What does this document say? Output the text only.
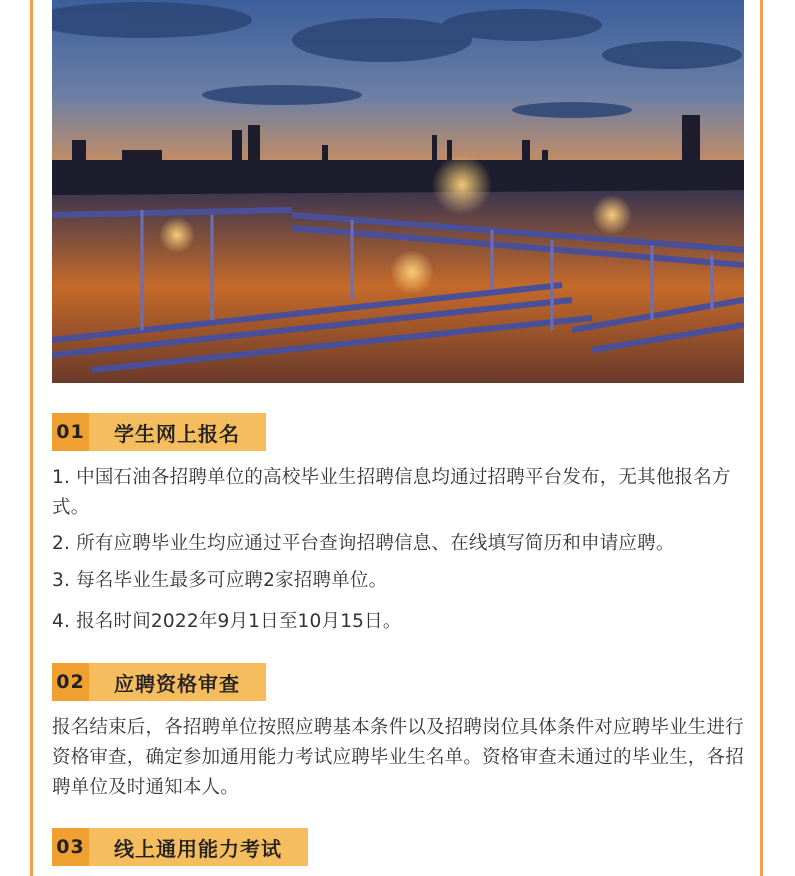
01	学生网上报名
1. 中国石油各招聘单位的高校毕业生招聘信息均通过招聘平台发布，无其他报名方式。
2. 所有应聘毕业生均应通过平台查询招聘信息、在线填写简历和申请应聘。
3. 每名毕业生最多可应聘2家招聘单位。
4. 报名时间2022年9月1日至10月15日。
02	应聘资格审查
报名结束后，各招聘单位按照应聘基本条件以及招聘岗位具体条件对应聘毕业生进行资格审查，确定参加通用能力考试应聘毕业生名单。资格审查未通过的毕业生，各招聘单位及时通知本人。
03	线上通用能力考试
